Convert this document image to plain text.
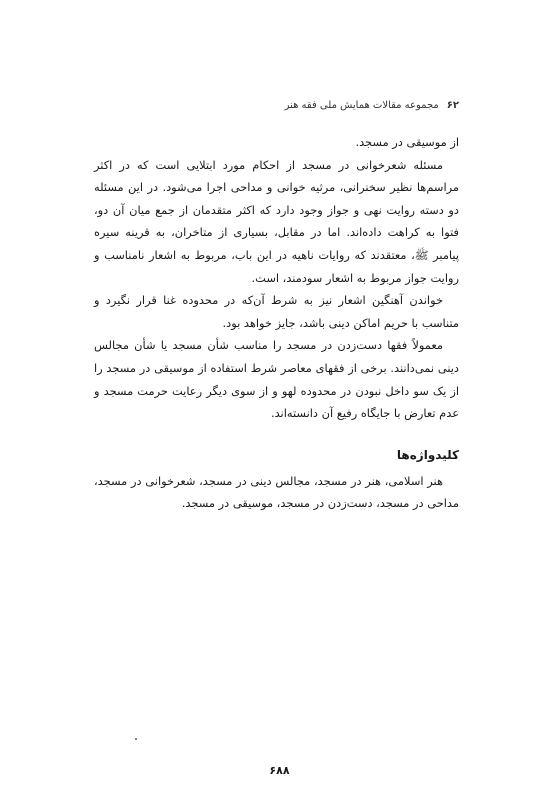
۶۲
مجموعه مقالات همایش ملی فقه هنر

از موسیقی در مسجد.

مسئله شعرخوانی در مسجد از احکام مورد ابتلایی است که در اکثر مراسم‌ها نظیر سخنرانی، مرثیه خوانی و مداحی اجرا می‌شود. در این مسئله دو دسته روایت نهی و جواز وجود دارد که اکثر متقدمان از جمع میان آن دو، فتوا به کراهت داده‌اند. اما در مقابل، بسیاری از متاخران، به قرینه سیره پیامبر ﷺ، معتقدند که روایات ناهیه در این باب، مربوط به اشعار نامناسب و روایت جواز مربوط به اشعار سودمند، است.

خواندن آهنگین اشعار نیز به شرط آن‌که در محدوده غنا قرار نگیرد و متناسب با حریم اماکن دینی باشد، جایز خواهد بود.

معمولاً فقها دست‌زدن در مسجد را مناسب شأن مسجد یا شأن مجالس دینی نمی‌دانند. برخی از فقهای معاصر شرط استفاده از موسیقی در مسجد را از یک سو داخل نبودن در محدوده لهو و از سوی دیگر رعایت حرمت مسجد و عدم تعارض با جایگاه رفیع آن دانسته‌اند.

کلیدواژه‌ها

هنر اسلامی، هنر در مسجد، مجالس دینی در مسجد، شعرخوانی در مسجد، مداحی در مسجد، دست‌زدن در مسجد، موسیقی در مسجد.

۶۸۸
